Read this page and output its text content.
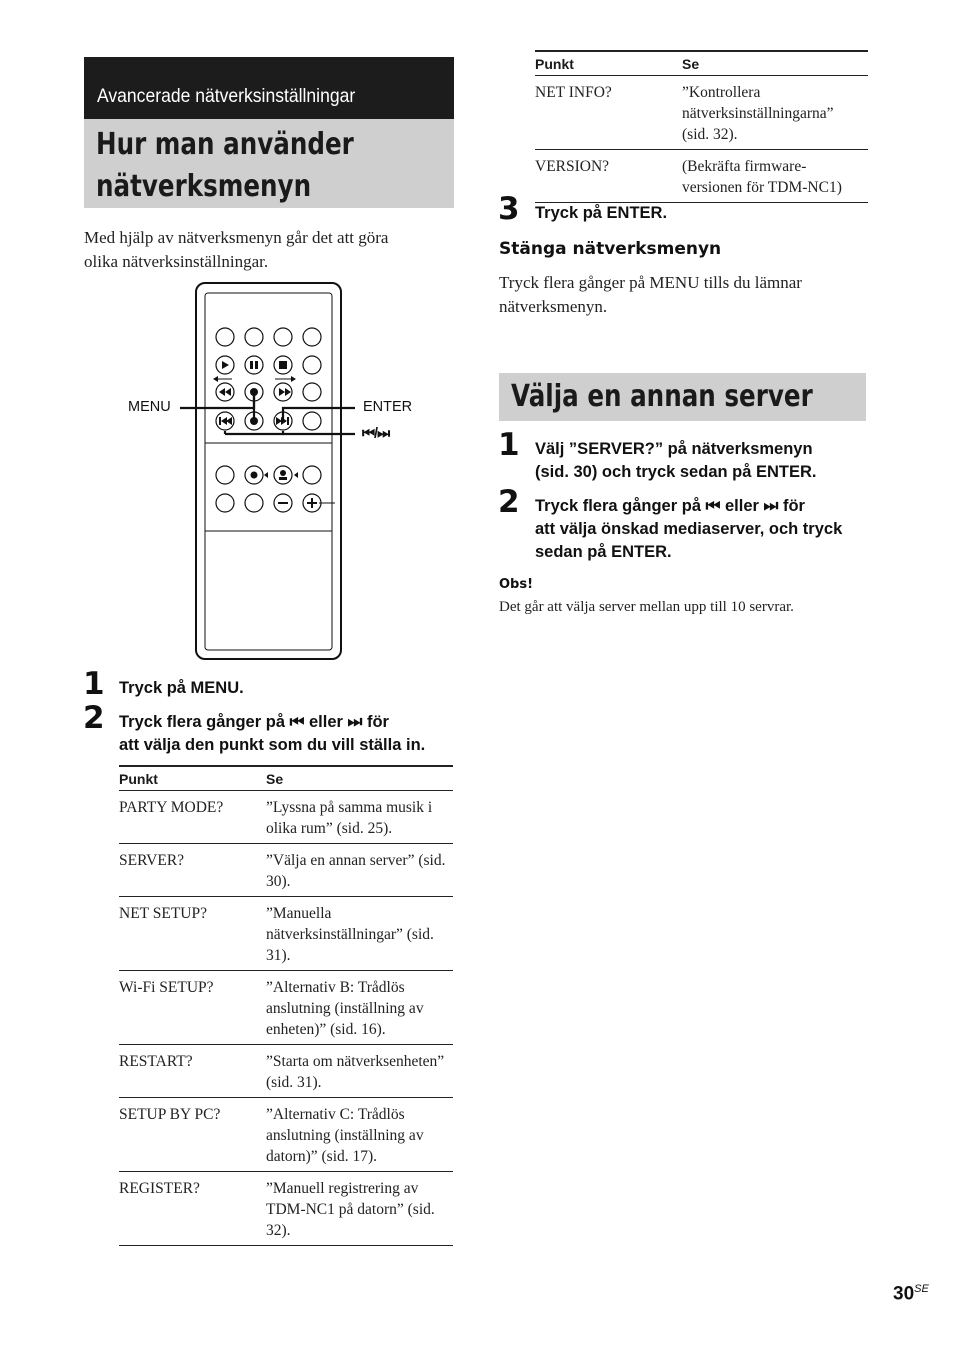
Avancerade nätverksinställningar
Hur man använder
nätverksmenyn
Med hjälp av nätverksmenyn går det att göra
olika nätverksinställningar.
MENU	ENTER
⏮/⏭
1 Tryck på MENU.
2 Tryck flera gånger på ⏮ eller ⏭ för
att välja den punkt som du vill ställa in.
Punkt	Se
PARTY MODE?	”Lyssna på samma musik i olika rum” (sid. 25).
SERVER?	”Välja en annan server” (sid. 30).
NET SETUP?	”Manuella nätverksinställningar” (sid. 31).
Wi-Fi SETUP?	”Alternativ B: Trådlös anslutning (inställning av enheten)” (sid. 16).
RESTART?	”Starta om nätverksenheten” (sid. 31).
SETUP BY PC?	”Alternativ C: Trådlös anslutning (inställning av datorn)” (sid. 17).
REGISTER?	”Manuell registrering av TDM-NC1 på datorn” (sid. 32).
Punkt	Se
NET INFO?	”Kontrollera nätverksinställningarna” (sid. 32).
VERSION?	(Bekräfta firmware-versionen för TDM-NC1)
3 Tryck på ENTER.
Stänga nätverksmenyn
Tryck flera gånger på MENU tills du lämnar
nätverksmenyn.
Välja en annan server
1 Välj ”SERVER?” på nätverksmenyn
(sid. 30) och tryck sedan på ENTER.
2 Tryck flera gånger på ⏮ eller ⏭ för
att välja önskad mediaserver, och tryck
sedan på ENTER.
Obs!
Det går att välja server mellan upp till 10 servrar.
$30^{SE}$
